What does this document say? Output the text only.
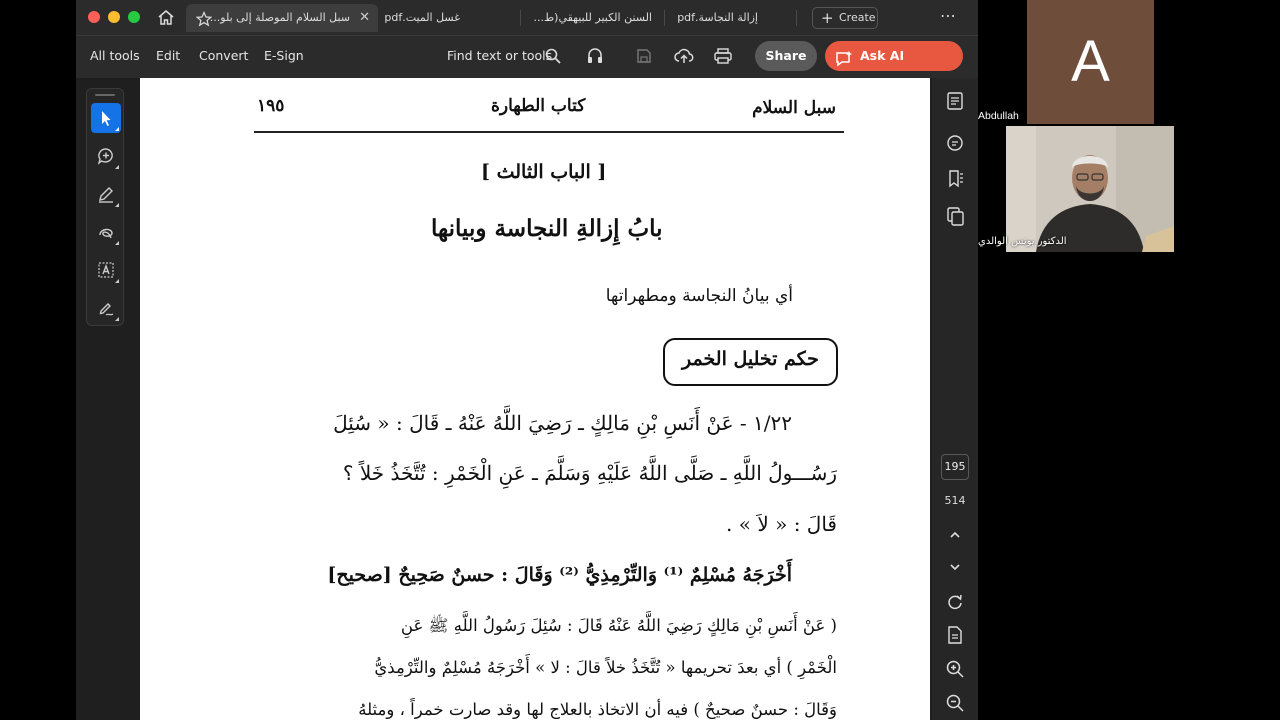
سبل السلام الموصلة إلى بلو... ✕ غسل الميت.pdf	السنن الكبير للبيهقي(ط... إزالة النجاسة.pdf	+ Create	⋯
All tools Edit Convert E-Sign	Find text or tools	Share	Ask AI
سبل السلام
كتاب الطهارة
١٩٥
[ الباب الثالث ]
بابُ إِزالةِ النجاسة وبيانها
أي بيانُ النجاسة ومطهراتها
حكم تخليل الخمر
١/٢٢ - عَنْ أَنَسِ بْنِ مَالِكٍ ـ رَضِيَ اللَّهُ عَنْهُ ـ قَالَ : « سُئِلَ
رَسُـــولُ اللَّهِ ـ صَلَّى اللَّهُ عَلَيْهِ وَسَلَّمَ ـ عَنِ الْخَمْرِ : تُتَّخَذُ خَلاً ؟
قَالَ : « لاَ » .
أَخْرَجَهُ مُسْلِمٌ ⁽¹⁾ وَالتِّرْمِذِيُّ ⁽²⁾ وَقَالَ : حسنٌ صَحِيحٌ [صحيح]
( عَنْ أَنَسِ بْنِ مَالِكٍ رَضِيَ اللَّهُ عَنْهُ قَالَ : سُئِلَ رَسُولُ اللَّهِ ﷺ عَنِ
الْخَمْرِ ) أي بعدَ تحريمها « تُتَّخَذُ خلاً قالَ : لا » أَخْرَجَهُ مُسْلِمٌ والتِّرْمِذيُّ
وَقَالَ : حسنٌ صحيحٌ ) فيه أن الاتخاذ بالعلاج لها وقد صارت خمراً ، ومثلهُ
195
514
A
Abdullah
الدكتور يونس الوالدي
